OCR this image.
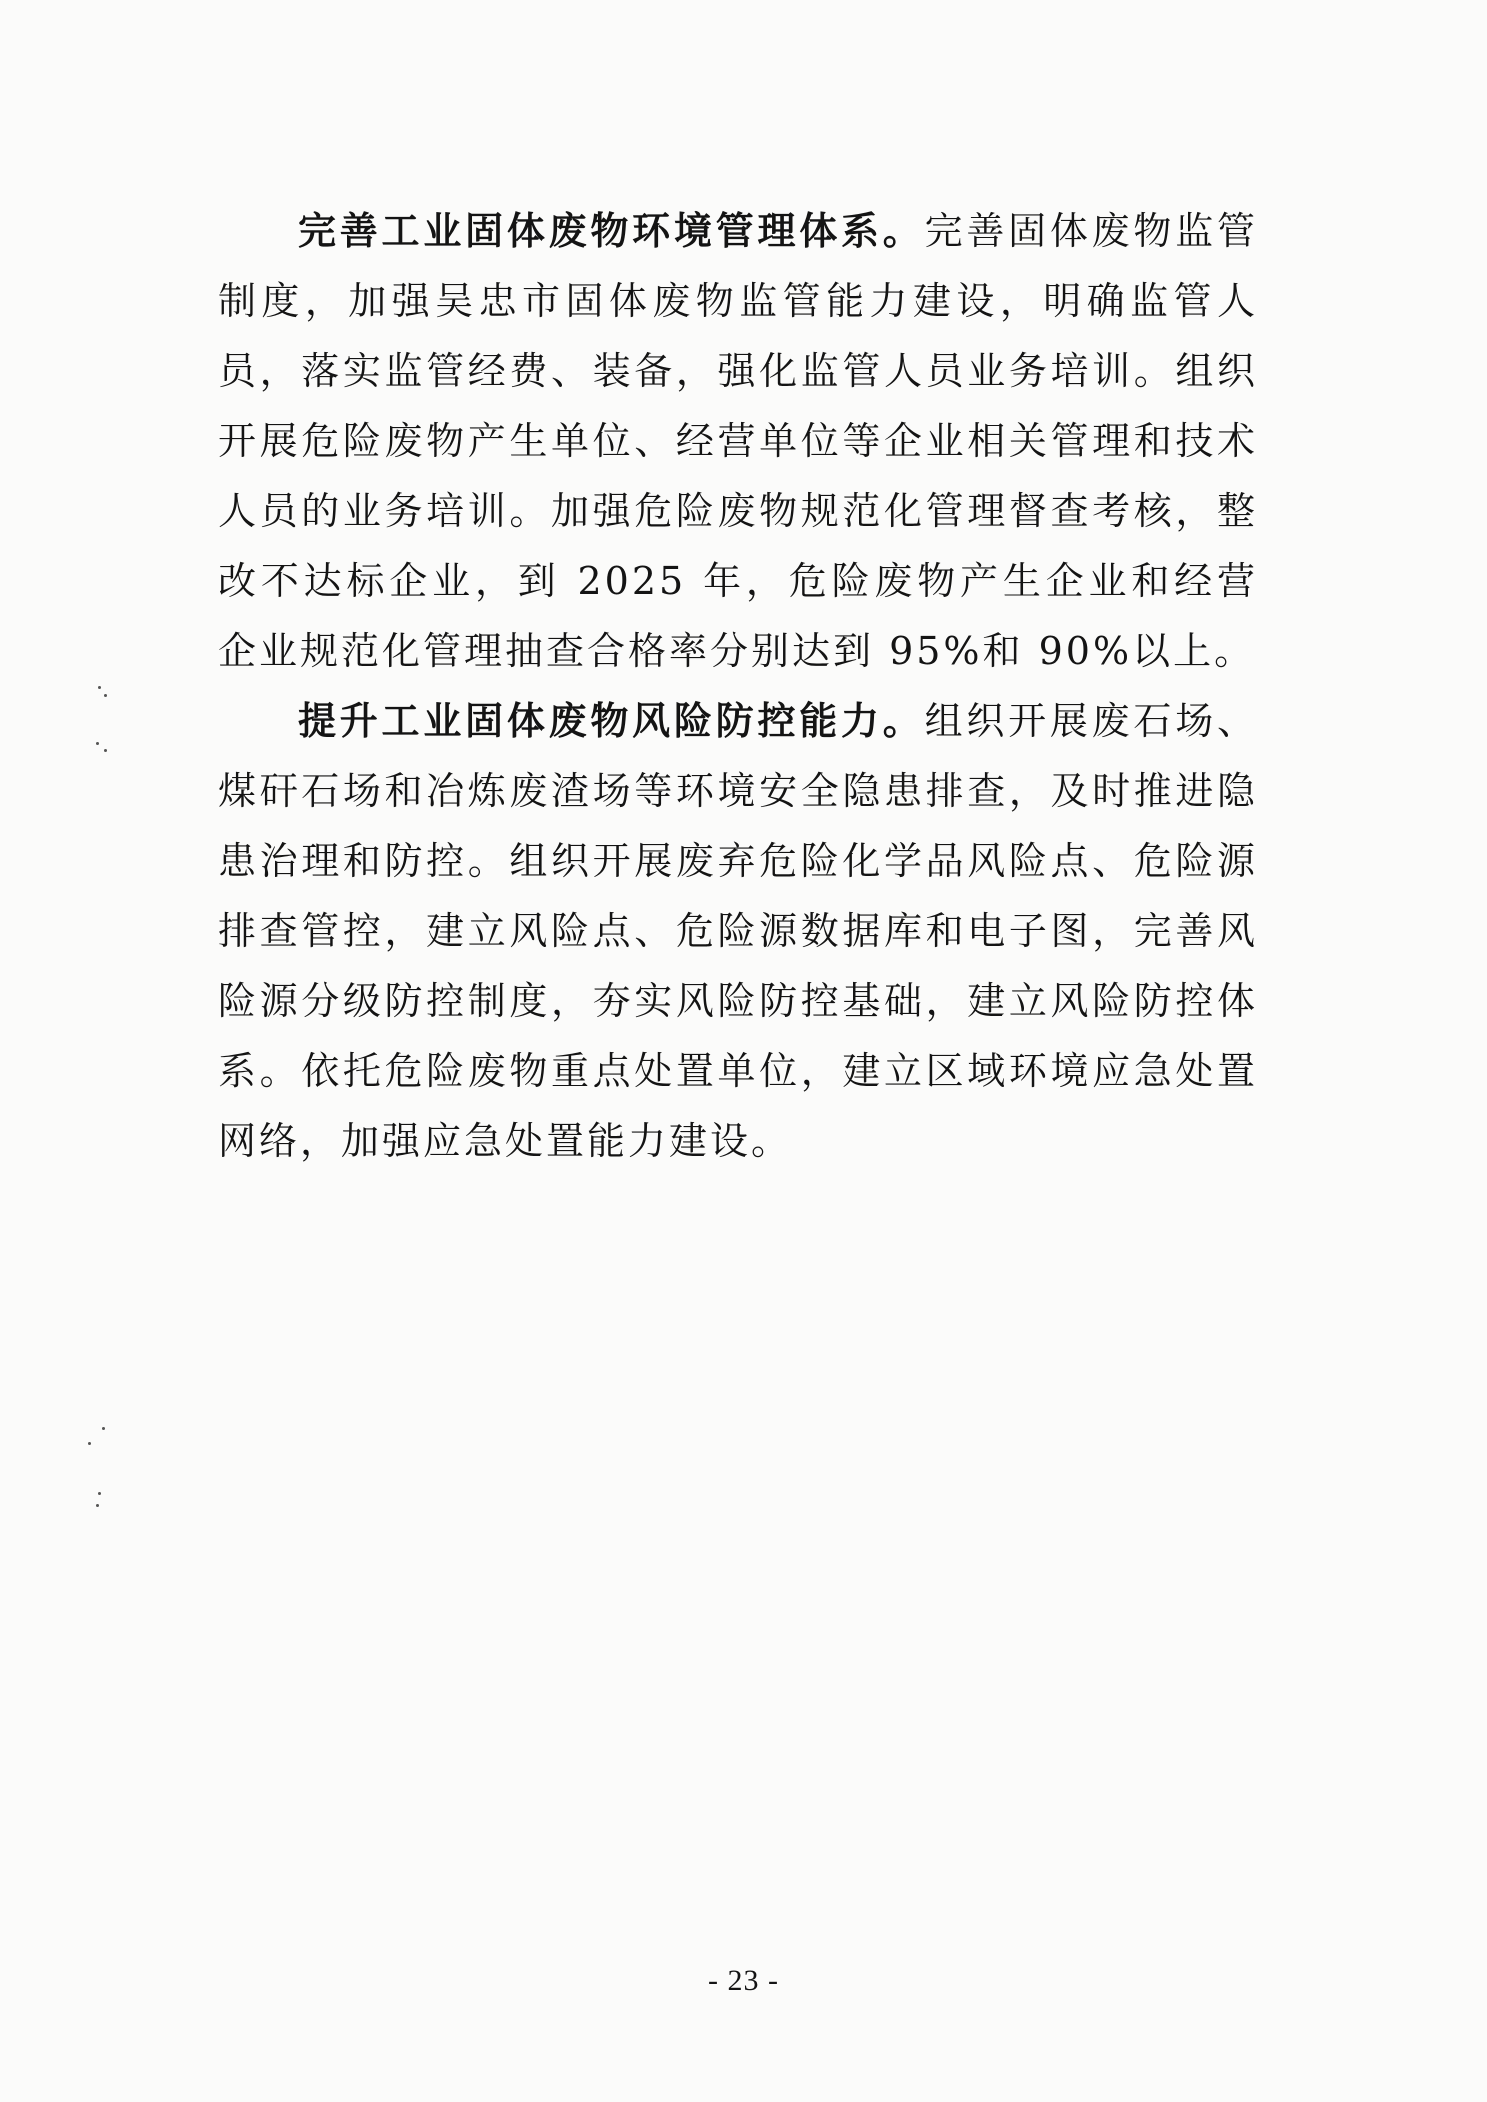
完善工业固体废物环境管理体系。完善固体废物监管制度，加强吴忠市固体废物监管能力建设，明确监管人员，落实监管经费、装备，强化监管人员业务培训。组织开展危险废物产生单位、经营单位等企业相关管理和技术人员的业务培训。加强危险废物规范化管理督查考核，整改不达标企业，到 2025 年，危险废物产生企业和经营企业规范化管理抽查合格率分别达到 95%和 90%以上。

提升工业固体废物风险防控能力。组织开展废石场、煤矸石场和冶炼废渣场等环境安全隐患排查，及时推进隐患治理和防控。组织开展废弃危险化学品风险点、危险源排查管控，建立风险点、危险源数据库和电子图，完善风险源分级防控制度，夯实风险防控基础，建立风险防控体系。依托危险废物重点处置单位，建立区域环境应急处置网络，加强应急处置能力建设。

- 23 -
